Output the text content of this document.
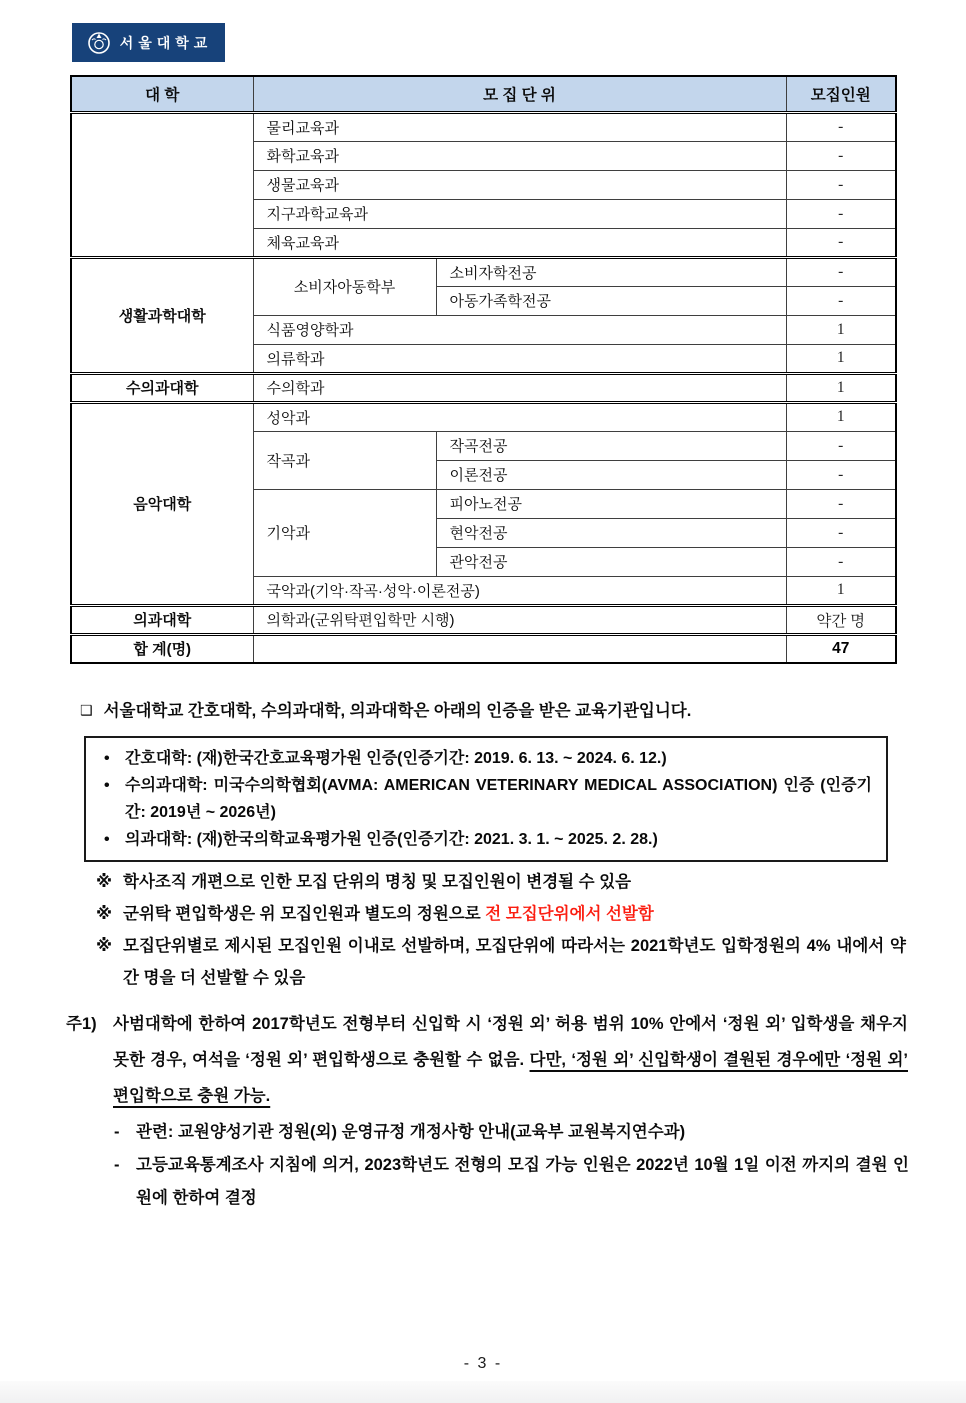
서울대학교
대 학	모 집 단 위		모집인원
	물리교육과		-
	화학교육과		-
	생물교육과		-
	지구과학교육과		-
	체육교육과		-
생활과학대학	소비자아동학부	소비자학전공	-
		아동가족학전공	-
	식품영양학과		1
	의류학과		1
수의과대학	수의학과		1
음악대학	성악과		1
	작곡과	작곡전공	-
		이론전공	-
	기악과	피아노전공	-
		현악전공	-
		관악전공	-
	국악과(기악·작곡·성악·이론전공)		1
의과대학	의학과(군위탁편입학만 시행)		약간 명
합 계(명)			47
❑ 서울대학교 간호대학, 수의과대학, 의과대학은 아래의 인증을 받은 교육기관입니다.
• 간호대학: (재)한국간호교육평가원 인증(인증기간: 2019. 6. 13. ~ 2024. 6. 12.)
• 수의과대학: 미국수의학협회(AVMA: AMERICAN VETERINARY MEDICAL ASSOCIATION) 인증 (인증기간: 2019년 ~ 2026년)
• 의과대학: (재)한국의학교육평가원 인증(인증기간: 2021. 3. 1. ~ 2025. 2. 28.)
※ 학사조직 개편으로 인한 모집 단위의 명칭 및 모집인원이 변경될 수 있음
※ 군위탁 편입학생은 위 모집인원과 별도의 정원으로 전 모집단위에서 선발함
※ 모집단위별로 제시된 모집인원 이내로 선발하며, 모집단위에 따라서는 2021학년도 입학정원의 4% 내에서 약간 명을 더 선발할 수 있음
주1) 사범대학에 한하여 2017학년도 전형부터 신입학 시 ‘정원 외’ 허용 범위 10% 안에서 ‘정원 외’ 입학생을 채우지 못한 경우, 여석을 ‘정원 외’ 편입학생으로 충원할 수 없음. 다만, ‘정원 외’ 신입학생이 결원된 경우에만 ‘정원 외’ 편입학으로 충원 가능.
-	관련: 교원양성기관 정원(외) 운영규정 개정사항 안내(교육부 교원복지연수과)
-	고등교육통계조사 지침에 의거, 2023학년도 전형의 모집 가능 인원은 2022년 10월 1일 이전 까지의 결원 인원에 한하여 결정
- 3 -
